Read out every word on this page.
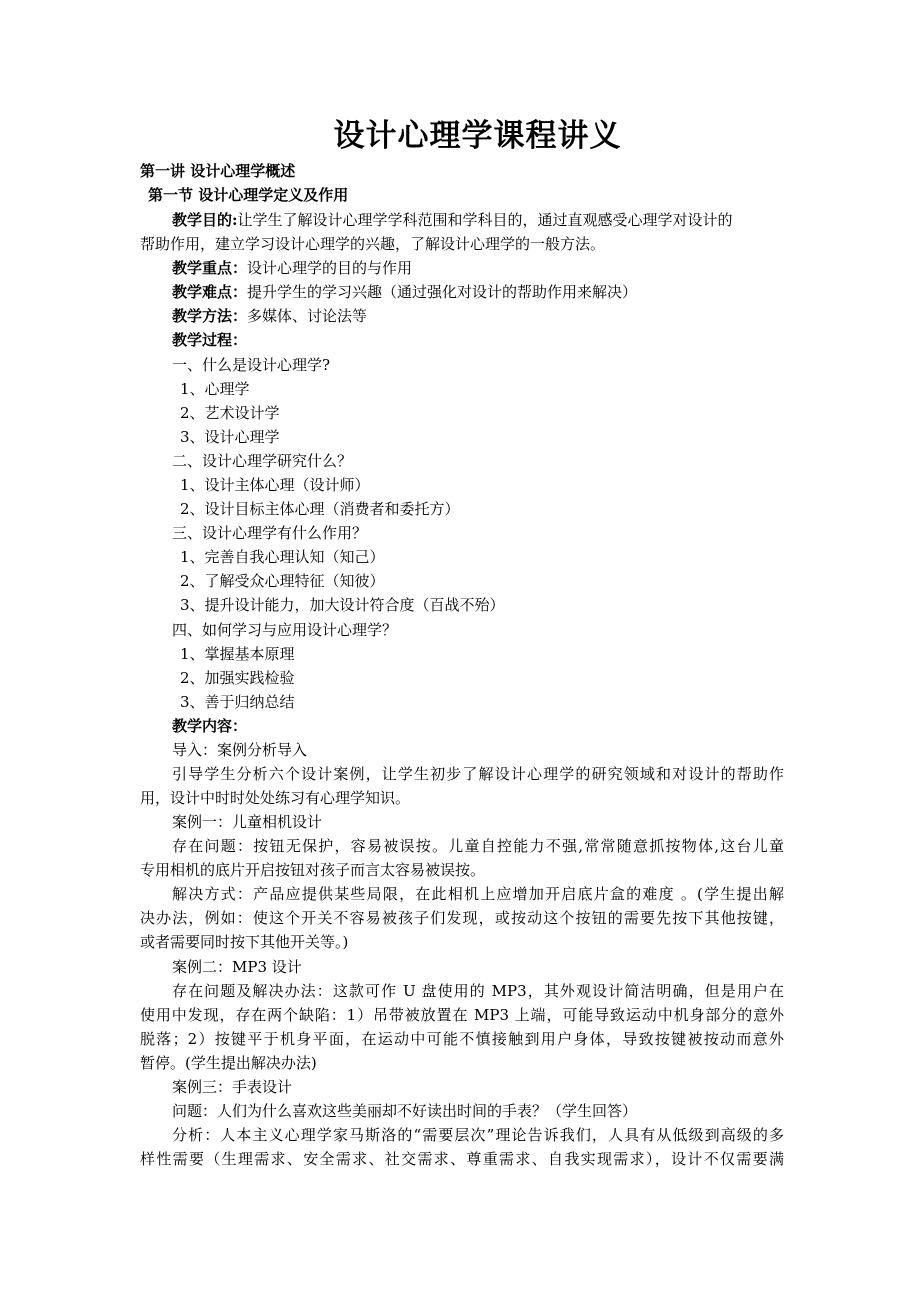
设计心理学课程讲义
第一讲 设计心理学概述
第一节 设计心理学定义及作用
教学目的:让学生了解设计心理学学科范围和学科目的，通过直观感受心理学对设计的
帮助作用，建立学习设计心理学的兴趣，了解设计心理学的一般方法。
教学重点：设计心理学的目的与作用
教学难点：提升学生的学习兴趣（通过强化对设计的帮助作用来解决）
教学方法：多媒体、讨论法等
教学过程：
一、什么是设计心理学?
1、心理学
2、艺术设计学
3、设计心理学
二、设计心理学研究什么？
1、设计主体心理（设计师）
2、设计目标主体心理（消费者和委托方）
三、设计心理学有什么作用？
1、完善自我心理认知（知己）
2、了解受众心理特征（知彼）
3、提升设计能力，加大设计符合度（百战不殆）
四、如何学习与应用设计心理学？
1、掌握基本原理
2、加强实践检验
3、善于归纳总结
教学内容：
导入：案例分析导入
引导学生分析六个设计案例，让学生初步了解设计心理学的研究领域和对设计的帮助作
用，设计中时时处处练习有心理学知识。
案例一：儿童相机设计
存在问题：按钮无保护，容易被误按。儿童自控能力不强,常常随意抓按物体,这台儿童
专用相机的底片开启按钮对孩子而言太容易被误按。
解决方式：产品应提供某些局限，在此相机上应增加开启底片盒的难度 。(学生提出解
决办法，例如：使这个开关不容易被孩子们发现，或按动这个按钮的需要先按下其他按键，
或者需要同时按下其他开关等。)
案例二：MP3 设计
存在问题及解决办法：这款可作 U 盘使用的 MP3，其外观设计简洁明确，但是用户在
使用中发现，存在两个缺陷：1）吊带被放置在 MP3 上端，可能导致运动中机身部分的意外
脱落；2）按键平于机身平面，在运动中可能不慎接触到用户身体，导致按键被按动而意外
暂停。(学生提出解决办法)
案例三：手表设计
问题：人们为什么喜欢这些美丽却不好读出时间的手表？（学生回答）
分析：人本主义心理学家马斯洛的“需要层次”理论告诉我们，人具有从低级到高级的多
样性需要（生理需求、安全需求、社交需求、尊重需求、自我实现需求），设计不仅需要满
